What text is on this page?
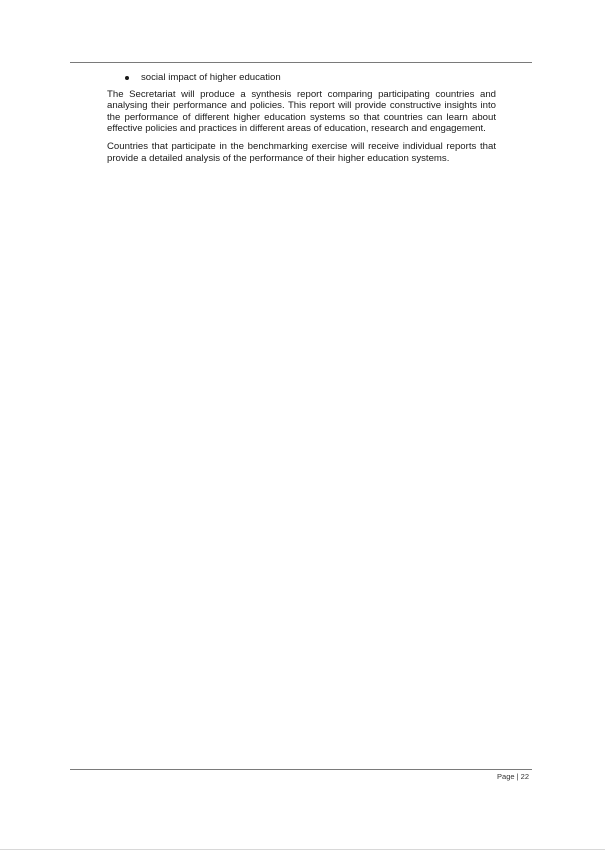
social impact of higher education

The Secretariat will produce a synthesis report comparing participating countries and analysing their performance and policies. This report will provide constructive insights into the performance of different higher education systems so that countries can learn about effective policies and practices in different areas of education, research and engagement.

Countries that participate in the benchmarking exercise will receive individual reports that provide a detailed analysis of the performance of their higher education systems.

Page | 22
